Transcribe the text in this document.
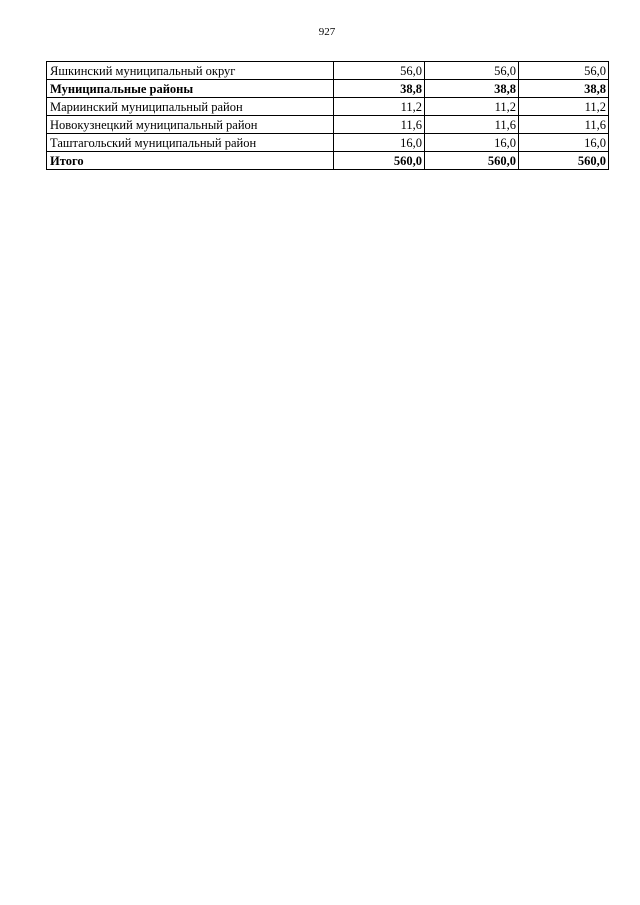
927
Яшкинский муниципальный округ	56,0	56,0	56,0
Муниципальные районы	38,8	38,8	38,8
Мариинский муниципальный район	11,2	11,2	11,2
Новокузнецкий муниципальный район	11,6	11,6	11,6
Таштагольский муниципальный район	16,0	16,0	16,0
Итого	560,0	560,0	560,0
